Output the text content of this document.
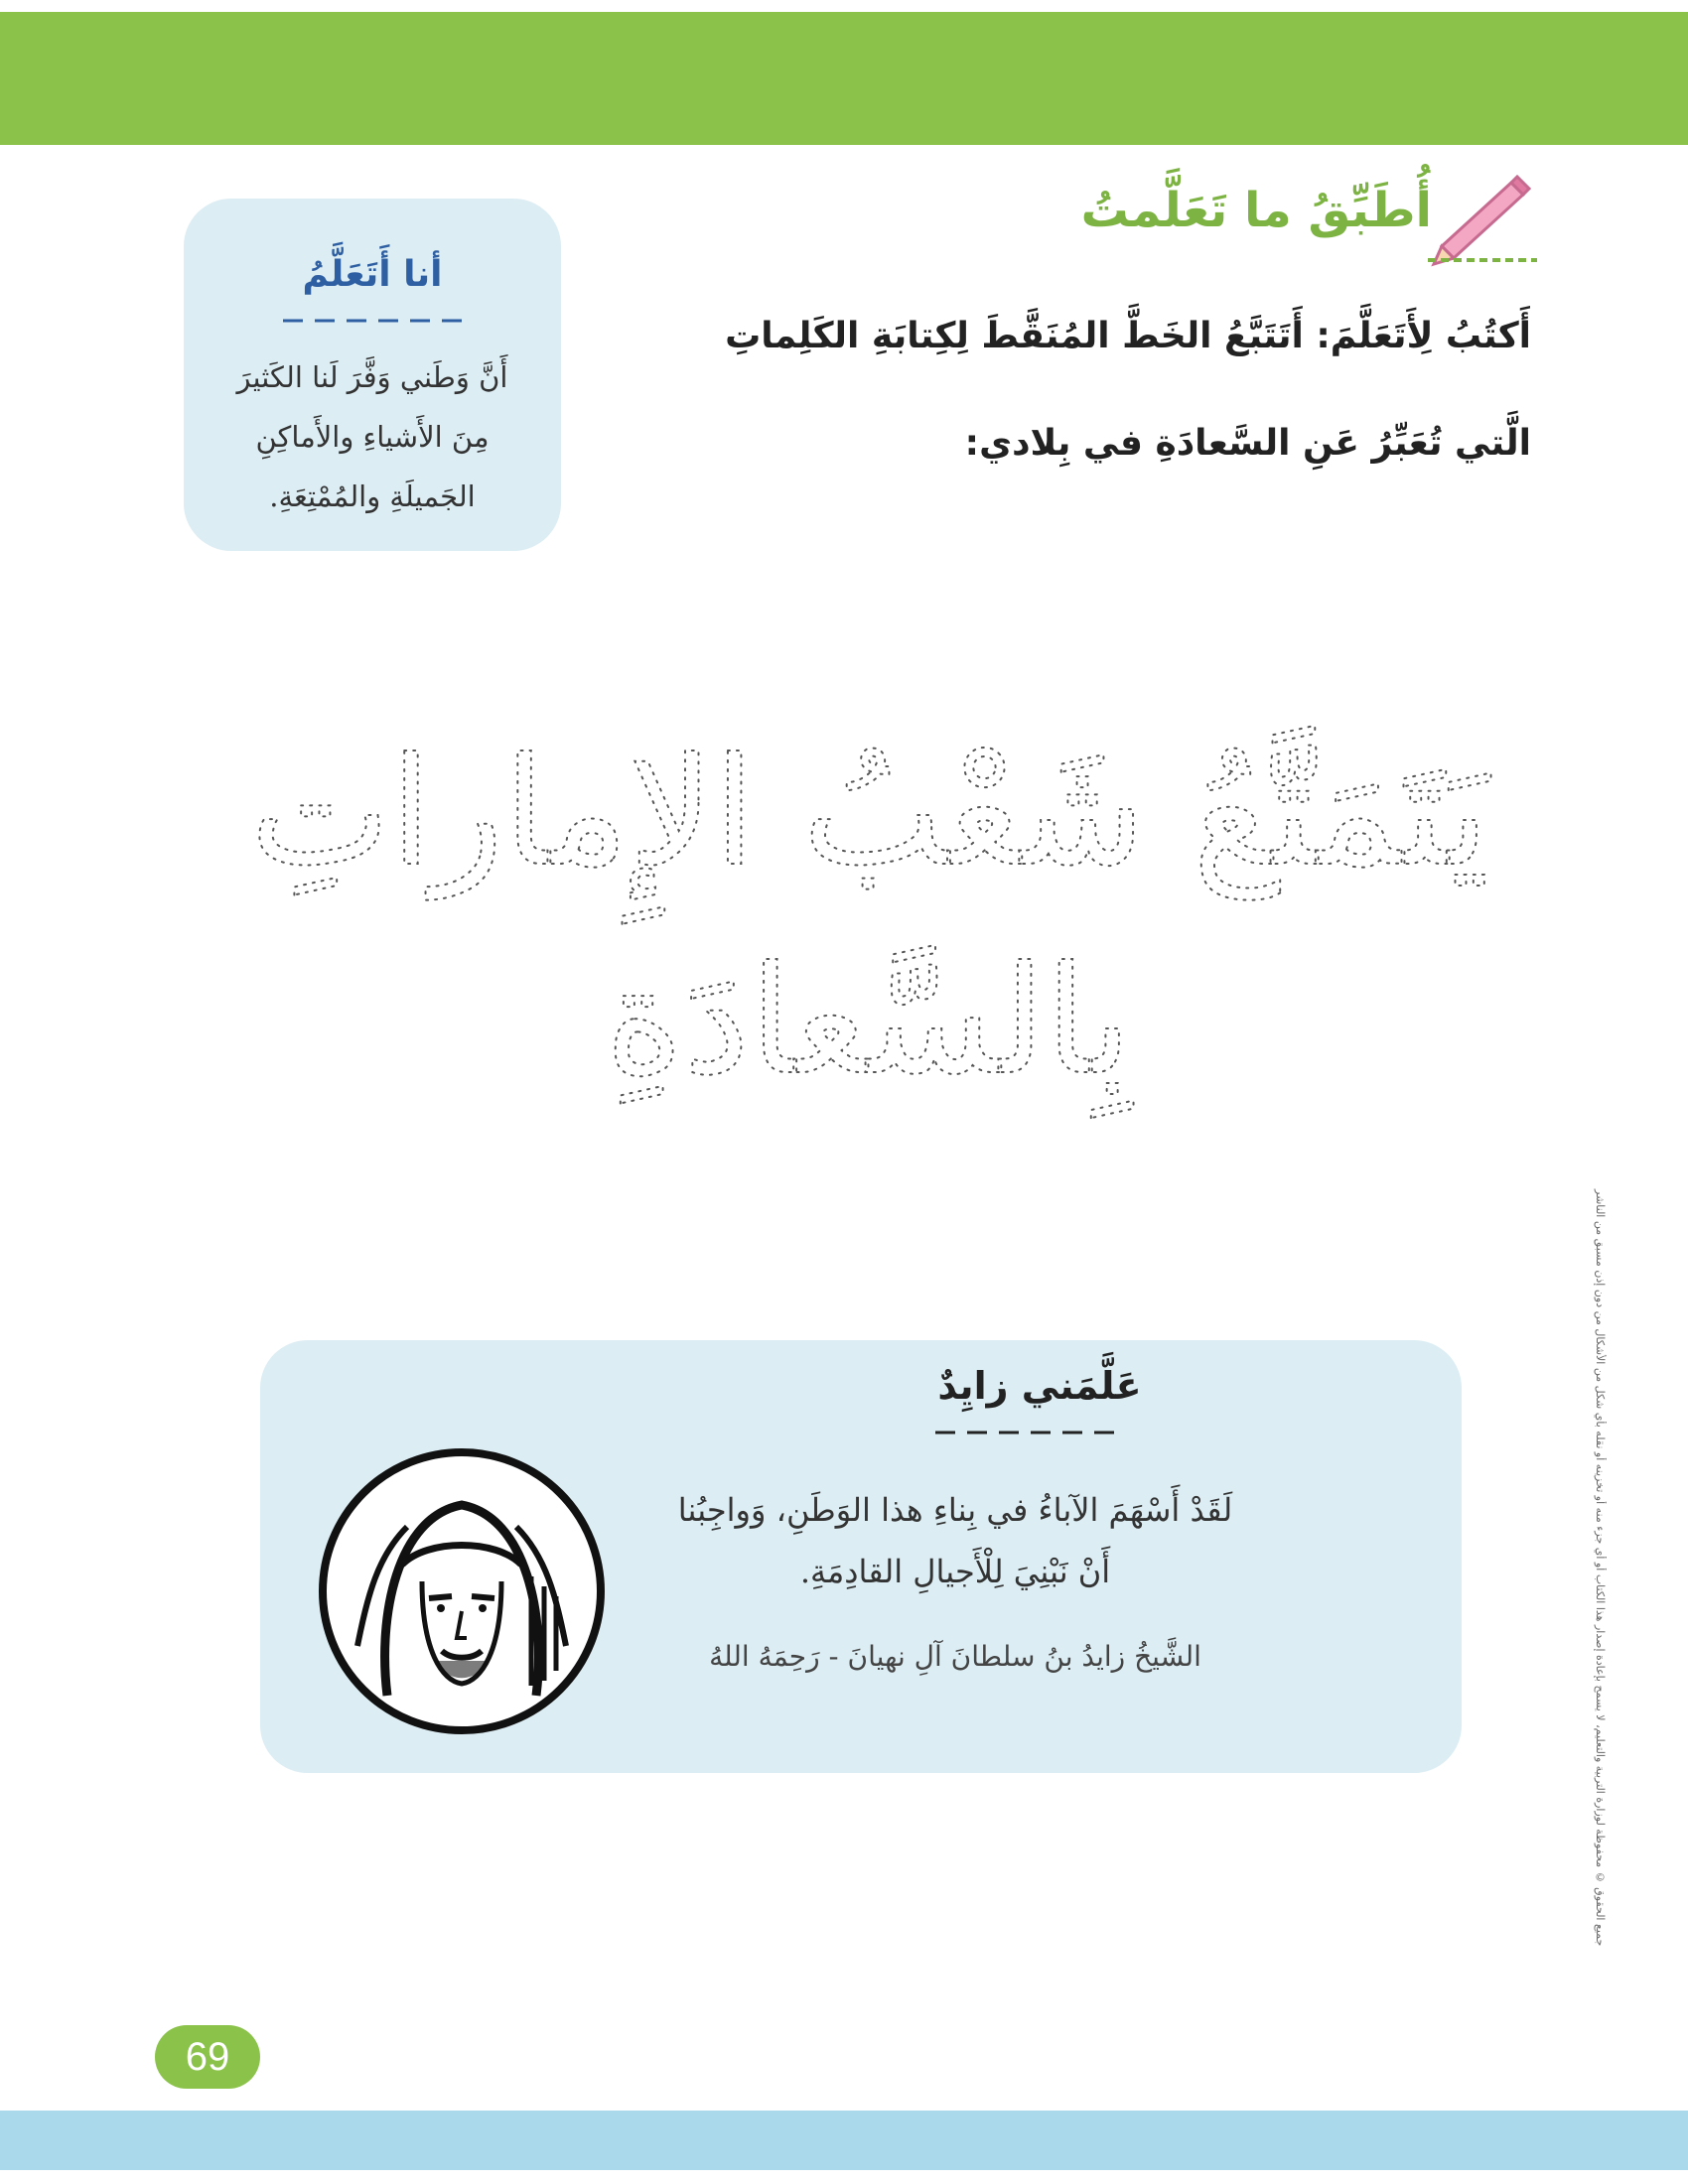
أُطَبِّقُ ما تَعَلَّمتُ
أَكتُبُ لِأَتَعَلَّمَ: أَتَتَبَّعُ الخَطَّ المُنَقَّطَ لِكِتابَةِ الكَلِماتِ
الَّتي تُعَبِّرُ عَنِ السَّعادَةِ في بِلادي:
أنا أَتَعَلَّمُ
أَنَّ وَطَني وَفَّرَ لَنا الكَثيرَ
مِنَ الأَشياءِ والأَماكِنِ
الجَميلَةِ والمُمْتِعَةِ.
يَتَمَتَّعُ شَعْبُ الإِماراتِ
بِالسَّعادَةِ
عَلَّمَني زايِدٌ
لَقَدْ أَسْهَمَ الآباءُ في بِناءِ هذا الوَطَنِ، وَواجِبُنا
أَنْ نَبْنِيَ لِلْأَجيالِ القادِمَةِ.
الشَّيخُ زايدُ بنُ سلطانَ آلِ نهيانَ - رَحِمَهُ اللهُ	جميع الحقوق © محفوظة لوزارة التربية والتعليم، لا يسمح بإعادة إصدار هذا الكتاب أو أي جزء منه أو تخزينه أو نقله بأي شكل من الأشكال من دون إذن مسبق من الناشر
69
